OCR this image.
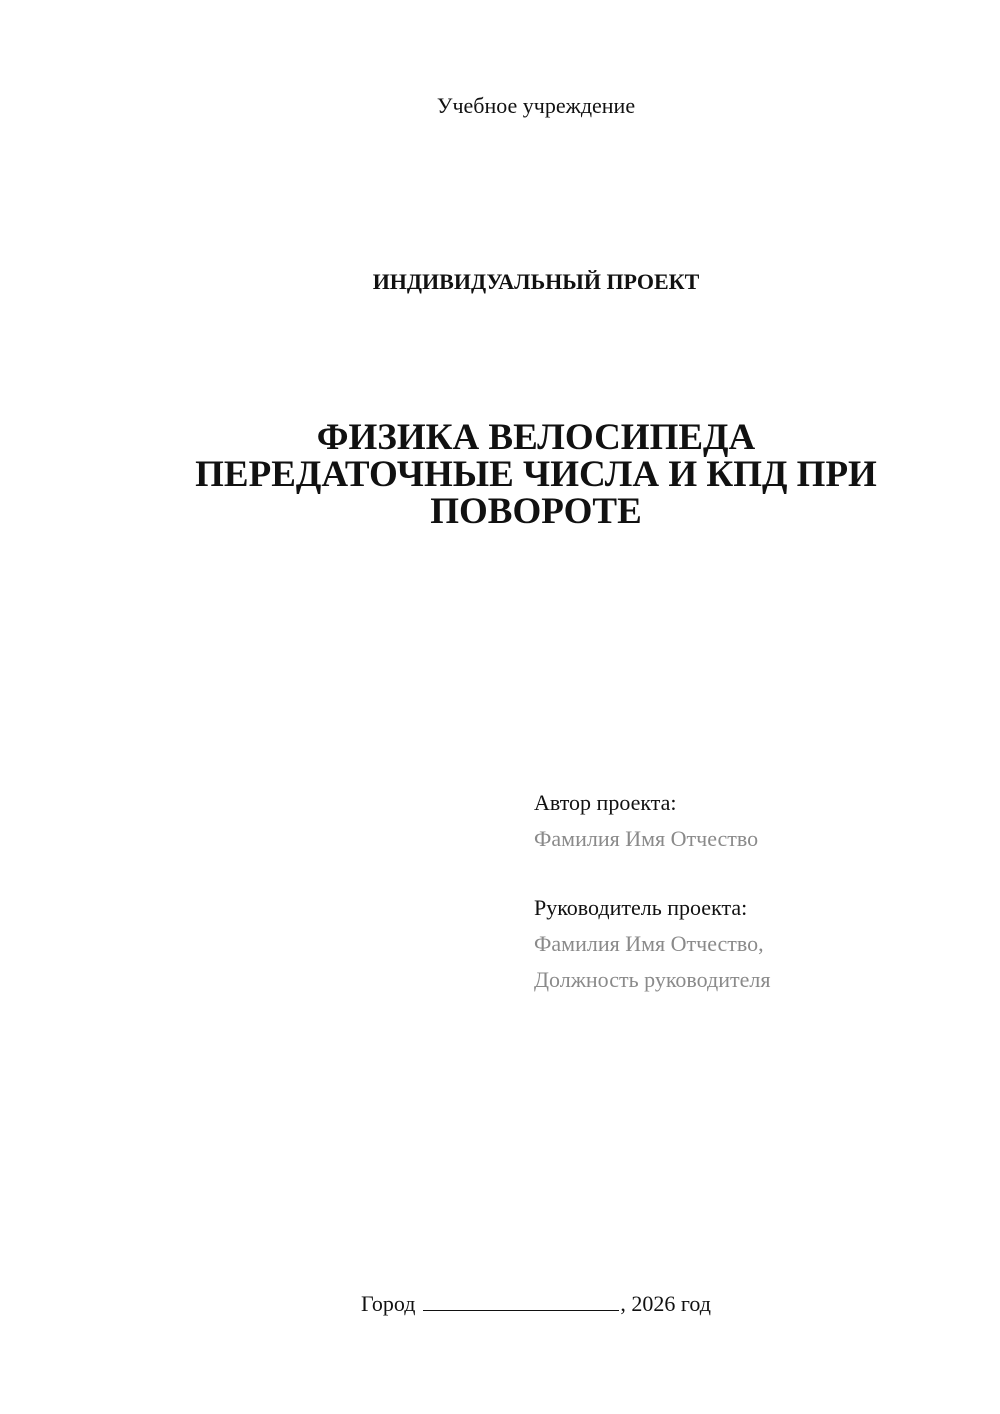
Учебное учреждение
ИНДИВИДУАЛЬНЫЙ ПРОЕКТ
ФИЗИКА ВЕЛОСИПЕДА
ПЕРЕДАТОЧНЫЕ ЧИСЛА И КПД ПРИ
ПОВОРОТЕ
Автор проекта:
Фамилия Имя Отчество
Руководитель проекта:
Фамилия Имя Отчество,
Должность руководителя
Город	, 2026 год
